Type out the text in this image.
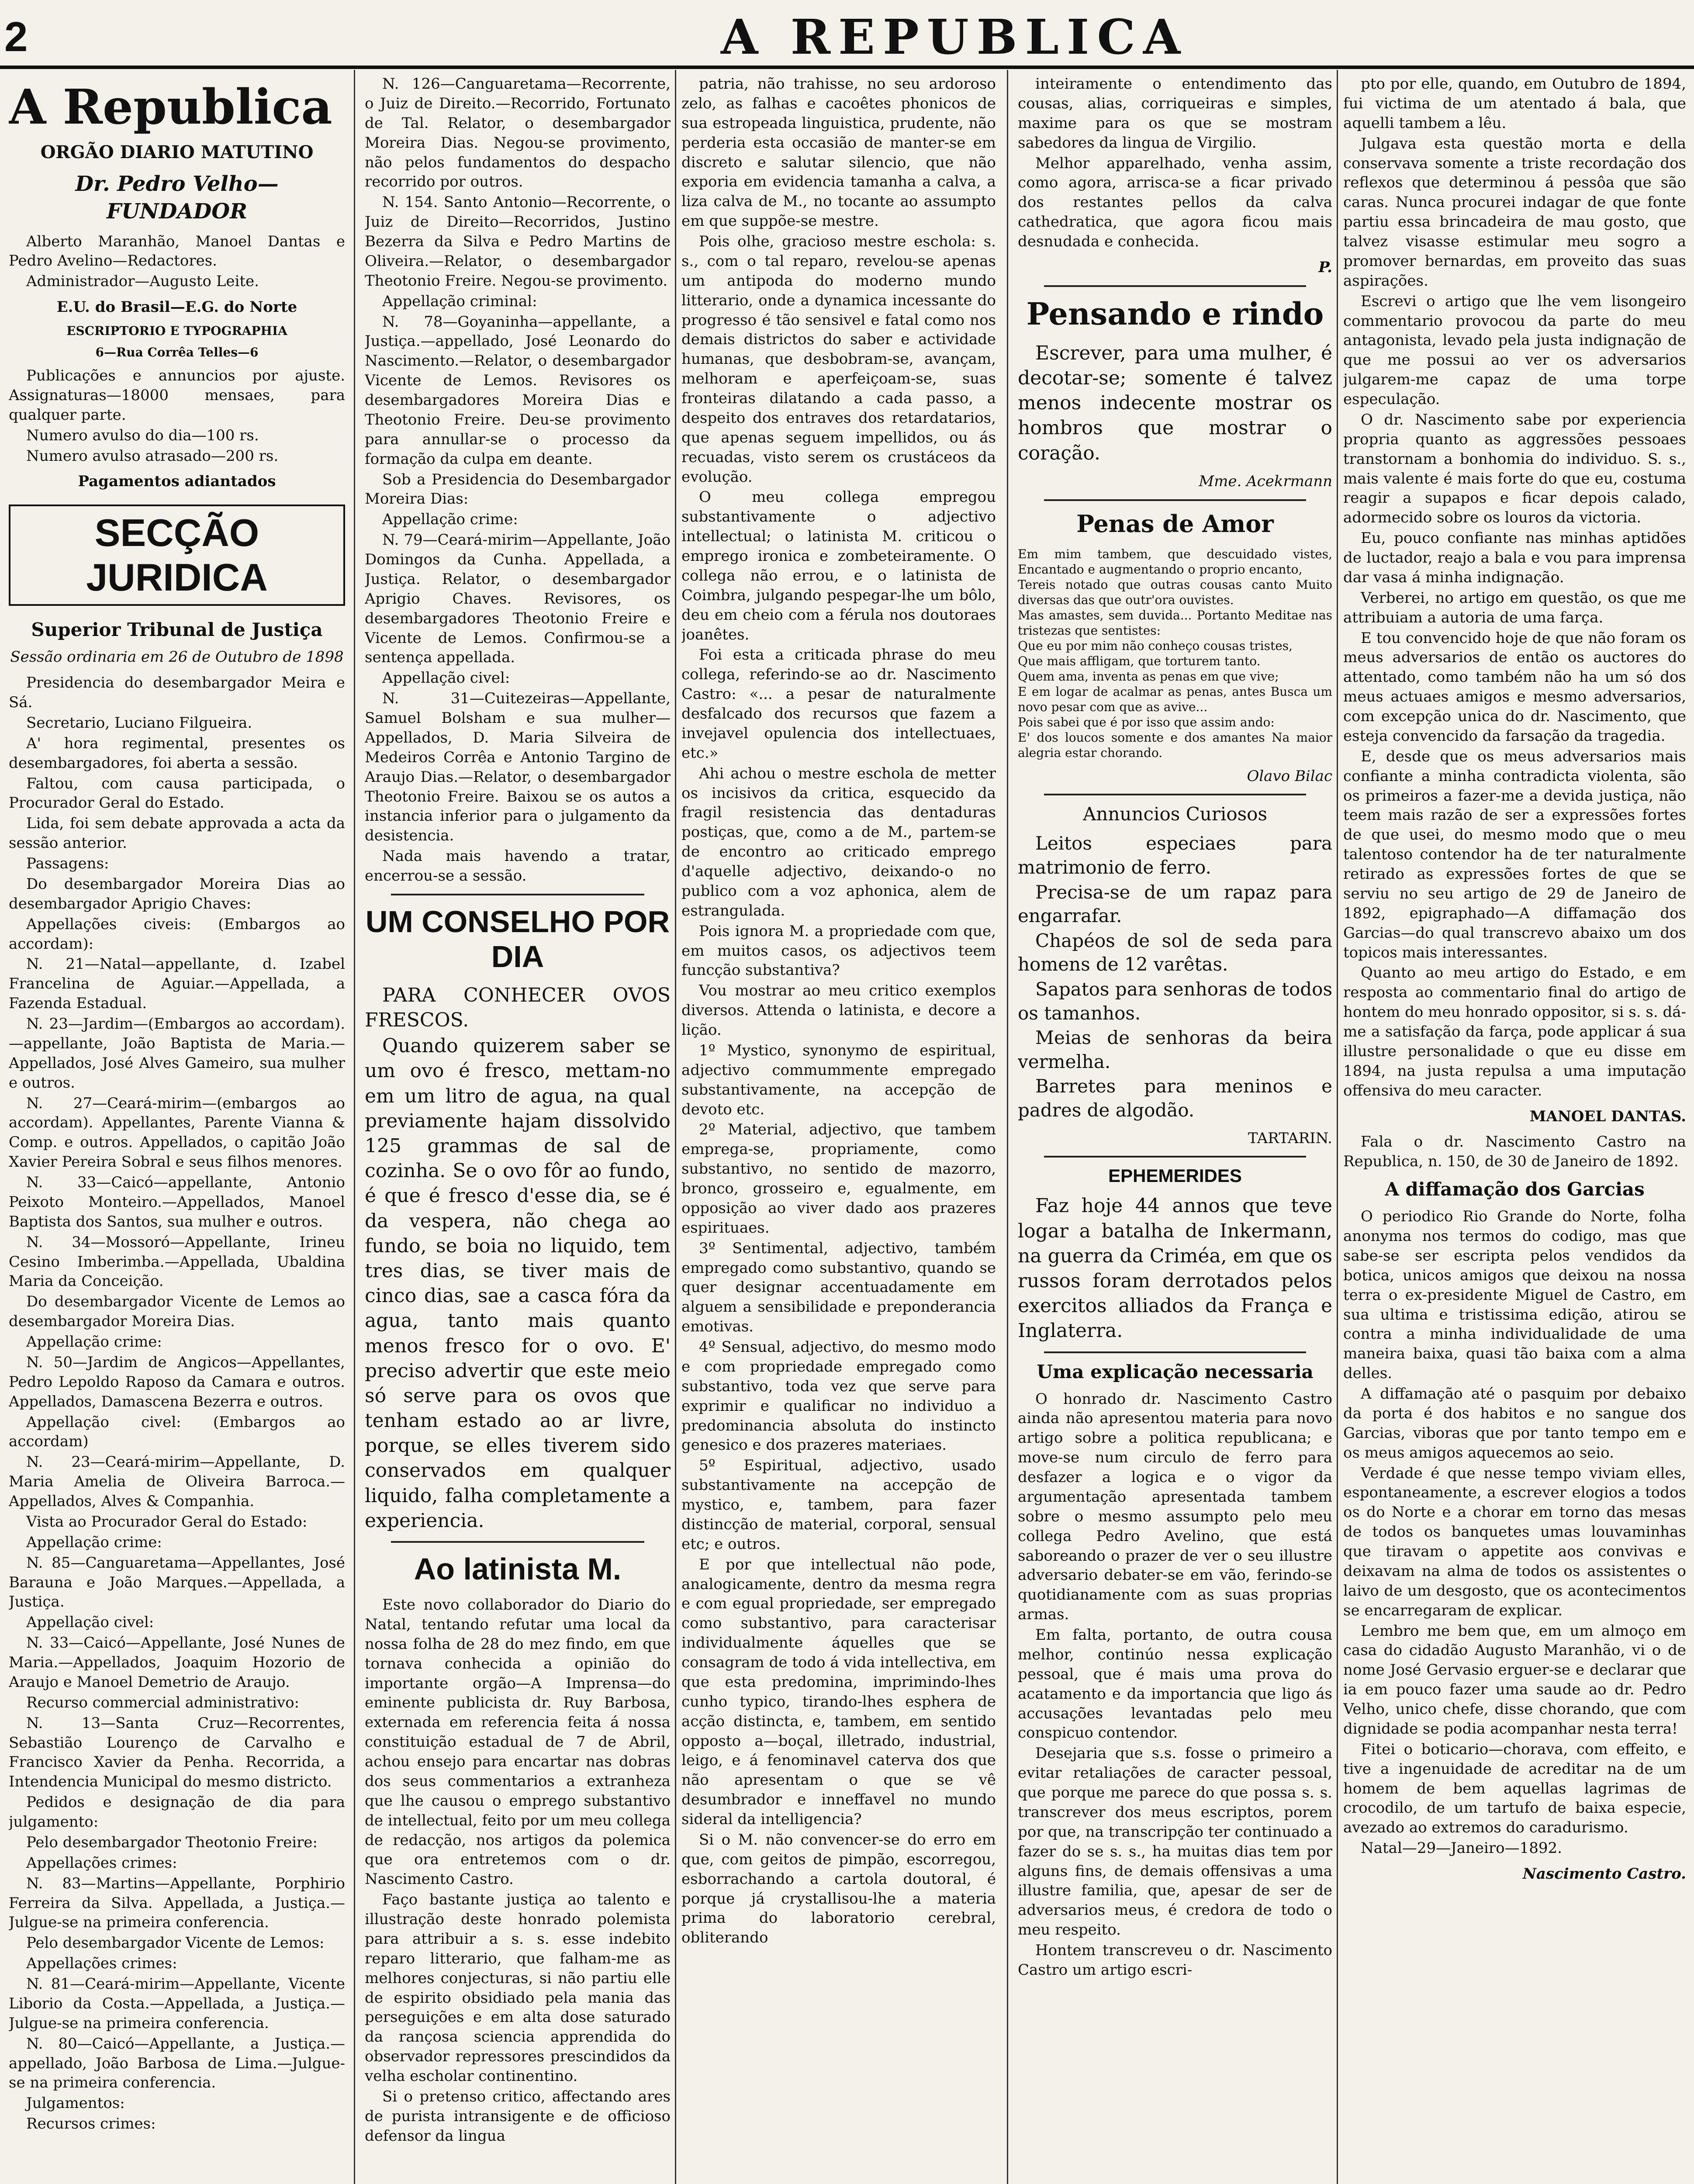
2	A REPUBLICA
A Republica
ORGÃO DIARIO MATUTINO
Dr. Pedro Velho—FUNDADOR

Alberto Maranhão, Manoel Dantas e Pedro Avelino—Redactores.

Administrador—Augusto Leite.

E.U. do Brasil—E.G. do Norte
ESCRIPTORIO E TYPOGRAPHIA
6—Rua Corrêa Telles—6

Publicações e annuncios por ajuste. Assignaturas—18000 mensaes, para qualquer parte.

Numero avulso do dia—100 rs.

Numero avulso atrasado—200 rs.

Pagamentos adiantados
SECÇÃO JURIDICA
Superior Tribunal de Justiça
Sessão ordinaria em 26 de Outubro de 1898

Presidencia do desembargador Meira e Sá.

Secretario, Luciano Filgueira.

A' hora regimental, presentes os desembargadores, foi aberta a sessão.

Faltou, com causa participada, o Procurador Geral do Estado.

Lida, foi sem debate approvada a acta da sessão anterior.

Passagens:

Do desembargador Moreira Dias ao desembargador Aprigio Chaves:

Appellações civeis: (Embargos ao accordam):

N. 21—Natal—appellante, d. Izabel Francelina de Aguiar.—Appellada, a Fazenda Estadual.

N. 23—Jardim—(Embargos ao accordam).—appellante, João Baptista de Maria.—Appellados, José Alves Gameiro, sua mulher e outros.

N. 27—Ceará-mirim—(embargos ao accordam). Appellantes, Parente Vianna & Comp. e outros. Appellados, o capitão João Xavier Pereira Sobral e seus filhos menores.

N. 33—Caicó—appellante, Antonio Peixoto Monteiro.—Appellados, Manoel Baptista dos Santos, sua mulher e outros.

N. 34—Mossoró—Appellante, Irineu Cesino Imberimba.—Appellada, Ubaldina Maria da Conceição.

Do desembargador Vicente de Lemos ao desembargador Moreira Dias.

Appellação crime:

N. 50—Jardim de Angicos—Appellantes, Pedro Lepoldo Raposo da Camara e outros. Appellados, Damascena Bezerra e outros.

Appellação civel: (Embargos ao accordam)

N. 23—Ceará-mirim—Appellante, D. Maria Amelia de Oliveira Barroca.—Appellados, Alves & Companhia.

Vista ao Procurador Geral do Estado:

Appellação crime:

N. 85—Canguaretama—Appellantes, José Barauna e João Marques.—Appellada, a Justiça.

Appellação civel:

N. 33—Caicó—Appellante, José Nunes de Maria.—Appellados, Joaquim Hozorio de Araujo e Manoel Demetrio de Araujo.

Recurso commercial administrativo:

N. 13—Santa Cruz—Recorrentes, Sebastião Lourenço de Carvalho e Francisco Xavier da Penha. Recorrida, a Intendencia Municipal do mesmo districto.

Pedidos e designação de dia para julgamento:

Pelo desembargador Theotonio Freire:

Appellações crimes:

N. 83—Martins—Appellante, Porphirio Ferreira da Silva. Appellada, a Justiça.—Julgue-se na primeira conferencia.

Pelo desembargador Vicente de Lemos:

Appellações crimes:

N. 81—Ceará-mirim—Appellante, Vicente Liborio da Costa.—Appellada, a Justiça.—Julgue-se na primeira conferencia.

N. 80—Caicó—Appellante, a Justiça.—appellado, João Barbosa de Lima.—Julgue-se na primeira conferencia.

Julgamentos:

Recursos crimes:

N. 126—Canguaretama—Recorrente, o Juiz de Direito.—Recorrido, Fortunato de Tal. Relator, o desembargador Moreira Dias. Negou-se provimento, não pelos fundamentos do despacho recorrido por outros.

N. 154. Santo Antonio—Recorrente, o Juiz de Direito—Recorridos, Justino Bezerra da Silva e Pedro Martins de Oliveira.—Relator, o desembargador Theotonio Freire. Negou-se provimento.

Appellação criminal:

N. 78—Goyaninha—appellante, a Justiça.—appellado, José Leonardo do Nascimento.—Relator, o desembargador Vicente de Lemos. Revisores os desembargadores Moreira Dias e Theotonio Freire. Deu-se provimento para annullar-se o processo da formação da culpa em deante.

Sob a Presidencia do Desembargador Moreira Dias:

Appellação crime:

N. 79—Ceará-mirim—Appellante, João Domingos da Cunha. Appellada, a Justiça. Relator, o desembargador Aprigio Chaves. Revisores, os desembargadores Theotonio Freire e Vicente de Lemos. Confirmou-se a sentença appellada.

Appellação civel:

N. 31—Cuitezeiras—Appellante, Samuel Bolsham e sua mulher—Appellados, D. Maria Silveira de Medeiros Corrêa e Antonio Targino de Araujo Dias.—Relator, o desembargador Theotonio Freire. Baixou se os autos a instancia inferior para o julgamento da desistencia.

Nada mais havendo a tratar, encerrou-se a sessão.

UM CONSELHO POR DIA

PARA CONHECER OVOS FRESCOS.

Quando quizerem saber se um ovo é fresco, mettam-no em um litro de agua, na qual previamente hajam dissolvido 125 grammas de sal de cozinha. Se o ovo fôr ao fundo, é que é fresco d'esse dia, se é da vespera, não chega ao fundo, se boia no liquido, tem tres dias, se tiver mais de cinco dias, sae a casca fóra da agua, tanto mais quanto menos fresco for o ovo. E' preciso advertir que este meio só serve para os ovos que tenham estado ao ar livre, porque, se elles tiverem sido conservados em qualquer liquido, falha completamente a experiencia.

Ao latinista M.

Este novo collaborador do Diario do Natal, tentando refutar uma local da nossa folha de 28 do mez findo, em que tornava conhecida a opinião do importante orgão—A Imprensa—do eminente publicista dr. Ruy Barbosa, externada em referencia feita á nossa constituição estadual de 7 de Abril, achou ensejo para encartar nas dobras dos seus commentarios a extranheza que lhe causou o emprego substantivo de intellectual, feito por um meu collega de redacção, nos artigos da polemica que ora entretemos com o dr. Nascimento Castro.

Faço bastante justiça ao talento e illustração deste honrado polemista para attribuir a s. s. esse indebito reparo litterario, que falham-me as melhores conjecturas, si não partiu elle de espirito obsidiado pela mania das perseguições e em alta dose saturado da rançosa sciencia apprendida do observador repressores prescindidos da velha escholar continentino.

Si o pretenso critico, affectando ares de purista intransigente e de officioso defensor da lingua

patria, não trahisse, no seu ardoroso zelo, as falhas e cacoêtes phonicos de sua estropeada linguistica, prudente, não perderia esta occasião de manter-se em discreto e salutar silencio, que não exporia em evidencia tamanha a calva, a liza calva de M., no tocante ao assumpto em que suppõe-se mestre.

Pois olhe, gracioso mestre eschola: s. s., com o tal reparo, revelou-se apenas um antipoda do moderno mundo litterario, onde a dynamica incessante do progresso é tão sensivel e fatal como nos demais districtos do saber e actividade humanas, que desbobram-se, avançam, melhoram e aperfeiçoam-se, suas fronteiras dilatando a cada passo, a despeito dos entraves dos retardatarios, que apenas seguem impellidos, ou ás recuadas, visto serem os crustáceos da evolução.

O meu collega empregou substantivamente o adjectivo intellectual; o latinista M. criticou o emprego ironica e zombeteiramente. O collega não errou, e o latinista de Coimbra, julgando pespegar-lhe um bôlo, deu em cheio com a férula nos doutoraes joanêtes.

Foi esta a criticada phrase do meu collega, referindo-se ao dr. Nascimento Castro: «... a pesar de naturalmente desfalcado dos recursos que fazem a invejavel opulencia dos intellectuaes, etc.»

Ahi achou o mestre eschola de metter os incisivos da critica, esquecido da fragil resistencia das dentaduras postiças, que, como a de M., partem-se de encontro ao criticado emprego d'aquelle adjectivo, deixando-o no publico com a voz aphonica, alem de estrangulada.

Pois ignora M. a propriedade com que, em muitos casos, os adjectivos teem funcção substantiva?

Vou mostrar ao meu critico exemplos diversos. Attenda o latinista, e decore a lição.

1º Mystico, synonymo de espiritual, adjectivo commummente empregado substantivamente, na accepção de devoto etc.

2º Material, adjectivo, que tambem emprega-se, propriamente, como substantivo, no sentido de mazorro, bronco, grosseiro e, egualmente, em opposição ao viver dado aos prazeres espirituaes.

3º Sentimental, adjectivo, também empregado como substantivo, quando se quer designar accentuadamente em alguem a sensibilidade e preponderancia emotivas.

4º Sensual, adjectivo, do mesmo modo e com propriedade empregado como substantivo, toda vez que serve para exprimir e qualificar no individuo a predominancia absoluta do instincto genesico e dos prazeres materiaes.

5º Espiritual, adjectivo, usado substantivamente na accepção de mystico, e, tambem, para fazer distincção de material, corporal, sensual etc; e outros.

E por que intellectual não pode, analogicamente, dentro da mesma regra e com egual propriedade, ser empregado como substantivo, para caracterisar individualmente áquelles que se consagram de todo á vida intellectiva, em que esta predomina, imprimindo-lhes cunho typico, tirando-lhes esphera de acção distincta, e, tambem, em sentido opposto a—boçal, illetrado, industrial, leigo, e á fenominavel caterva dos que não apresentam o que se vê desumbrador e inneffavel no mundo sideral da intelligencia?

Si o M. não convencer-se do erro em que, com geitos de pimpão, escorregou, esborrachando a cartola doutoral, é porque já crystallisou-lhe a materia prima do laboratorio cerebral, obliterando

inteiramente o entendimento das cousas, alias, corriqueiras e simples, maxime para os que se mostram sabedores da lingua de Virgilio.

Melhor apparelhado, venha assim, como agora, arrisca-se a ficar privado dos restantes pellos da calva cathedratica, que agora ficou mais desnudada e conhecida.

P.
Pensando e rindo

Escrever, para uma mulher, é decotar-se; somente é talvez menos indecente mostrar os hombros que mostrar o coração.

Mme. Acekrmann
Penas de Amor
Em mim tambem, que descuidado vistes, Encantado e augmentando o proprio encanto,
Tereis notado que outras cousas canto Muito diversas das que outr'ora ouvistes.
Mas amastes, sem duvida... Portanto Meditae nas tristezas que sentistes:
Que eu por mim não conheço cousas tristes,
Que mais affligam, que torturem tanto.
Quem ama, inventa as penas em que vive;
E em logar de acalmar as penas, antes Busca um novo pesar com que as avive...
Pois sabei que é por isso que assim ando:
E' dos loucos somente e dos amantes Na maior alegria estar chorando.
Olavo Bilac
Annuncios Curiosos

Leitos especiaes para matrimonio de ferro.

Precisa-se de um rapaz para engarrafar.

Chapéos de sol de seda para homens de 12 varêtas.

Sapatos para senhoras de todos os tamanhos.

Meias de senhoras da beira vermelha.

Barretes para meninos e padres de algodão.

TARTARIN.
EPHEMERIDES

Faz hoje 44 annos que teve logar a batalha de Inkermann, na guerra da Criméa, em que os russos foram derrotados pelos exercitos alliados da França e Inglaterra.

Uma explicação necessaria

O honrado dr. Nascimento Castro ainda não apresentou materia para novo artigo sobre a politica republicana; e move-se num circulo de ferro para desfazer a logica e o vigor da argumentação apresentada tambem sobre o mesmo assumpto pelo meu collega Pedro Avelino, que está saboreando o prazer de ver o seu illustre adversario debater-se em vão, ferindo-se quotidianamente com as suas proprias armas.

Em falta, portanto, de outra cousa melhor, continúo nessa explicação pessoal, que é mais uma prova do acatamento e da importancia que ligo ás accusações levantadas pelo meu conspicuo contendor.

Desejaria que s.s. fosse o primeiro a evitar retaliações de caracter pessoal, que porque me parece do que possa s. s. transcrever dos meus escriptos, porem por que, na transcripção ter continuado a fazer do se s. s., ha muitas dias tem por alguns fins, de demais offensivas a uma illustre familia, que, apesar de ser de adversarios meus, é credora de todo o meu respeito.

Hontem transcreveu o dr. Nascimento Castro um artigo escri-

pto por elle, quando, em Outubro de 1894, fui victima de um atentado á bala, que aquelli tambem a lêu.

Julgava esta questão morta e della conservava somente a triste recordação dos reflexos que determinou á pessôa que são caras. Nunca procurei indagar de que fonte partiu essa brincadeira de mau gosto, que talvez visasse estimular meu sogro a promover bernardas, em proveito das suas aspirações.

Escrevi o artigo que lhe vem lisongeiro commentario provocou da parte do meu antagonista, levado pela justa indignação de que me possui ao ver os adversarios julgarem-me capaz de uma torpe especulação.

O dr. Nascimento sabe por experiencia propria quanto as aggressões pessoaes transtornam a bonhomia do individuo. S. s., mais valente é mais forte do que eu, costuma reagir a supapos e ficar depois calado, adormecido sobre os louros da victoria.

Eu, pouco confiante nas minhas aptidões de luctador, reajo a bala e vou para imprensa dar vasa á minha indignação.

Verberei, no artigo em questão, os que me attribuiam a autoria de uma farça.

E tou convencido hoje de que não foram os meus adversarios de então os auctores do attentado, como também não ha um só dos meus actuaes amigos e mesmo adversarios, com excepção unica do dr. Nascimento, que esteja convencido da farsação da tragedia.

E, desde que os meus adversarios mais confiante a minha contradicta violenta, são os primeiros a fazer-me a devida justiça, não teem mais razão de ser a expressões fortes de que usei, do mesmo modo que o meu talentoso contendor ha de ter naturalmente retirado as expressões fortes de que se serviu no seu artigo de 29 de Janeiro de 1892, epigraphado—A diffamação dos Garcias—do qual transcrevo abaixo um dos topicos mais interessantes.

Quanto ao meu artigo do Estado, e em resposta ao commentario final do artigo de hontem do meu honrado oppositor, si s. s. dá-me a satisfação da farça, pode applicar á sua illustre personalidade o que eu disse em 1894, na justa repulsa a uma imputação offensiva do meu caracter.

MANOEL DANTAS.

Fala o dr. Nascimento Castro na Republica, n. 150, de 30 de Janeiro de 1892.

A diffamação dos Garcias

O periodico Rio Grande do Norte, folha anonyma nos termos do codigo, mas que sabe-se ser escripta pelos vendidos da botica, unicos amigos que deixou na nossa terra o ex-presidente Miguel de Castro, em sua ultima e tristissima edição, atirou se contra a minha individualidade de uma maneira baixa, quasi tão baixa com a alma delles.

A diffamação até o pasquim por debaixo da porta é dos habitos e no sangue dos Garcias, viboras que por tanto tempo em e os meus amigos aquecemos ao seio.

Verdade é que nesse tempo viviam elles, espontaneamente, a escrever elogios a todos os do Norte e a chorar em torno das mesas de todos os banquetes umas louvaminhas que tiravam o appetite aos convivas e deixavam na alma de todos os assistentes o laivo de um desgosto, que os acontecimentos se encarregaram de explicar.

Lembro me bem que, em um almoço em casa do cidadão Augusto Maranhão, vi o de nome José Gervasio erguer-se e declarar que ia em pouco fazer uma saude ao dr. Pedro Velho, unico chefe, disse chorando, que com dignidade se podia acompanhar nesta terra!

Fitei o boticario—chorava, com effeito, e tive a ingenuidade de acreditar na de um homem de bem aquellas lagrimas de crocodilo, de um tartufo de baixa especie, avezado ao extremos do caradurismo.

Natal—29—Janeiro—1892.

Nascimento Castro.
